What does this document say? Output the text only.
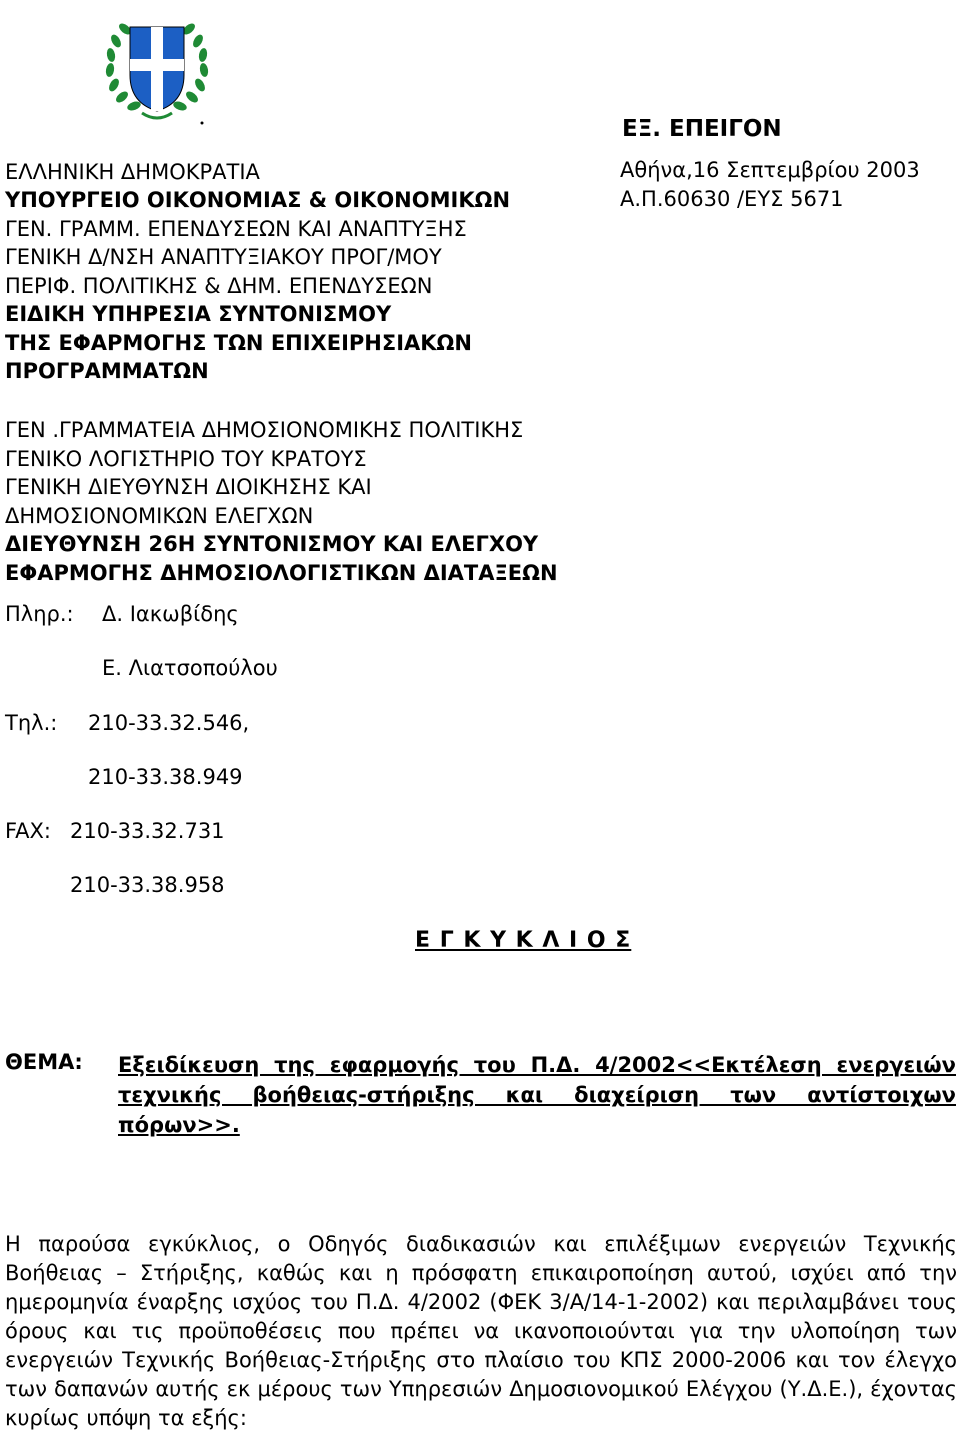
ΕΞ. ΕΠΕΙΓΟΝ
Αθήνα,16 Σεπτεμβρίου 2003
Α.Π.60630 /ΕΥΣ 5671
ΕΛΛΗΝΙΚΗ ΔΗΜΟΚΡΑΤΙΑ
ΥΠΟΥΡΓΕΙΟ ΟΙΚΟΝΟΜΙΑΣ & ΟΙΚΟΝΟΜΙΚΩΝ
ΓΕΝ. ΓΡΑΜΜ. ΕΠΕΝΔΥΣΕΩΝ ΚΑΙ ΑΝΑΠΤΥΞΗΣ
ΓΕΝΙΚΗ Δ/ΝΣΗ ΑΝΑΠΤΥΞΙΑΚΟΥ ΠΡΟΓ/ΜΟΥ
ΠΕΡΙΦ. ΠΟΛΙΤΙΚΗΣ & ΔΗΜ. ΕΠΕΝΔΥΣΕΩΝ
ΕΙΔΙΚΗ ΥΠΗΡΕΣΙΑ ΣΥΝΤΟΝΙΣΜΟΥ
ΤΗΣ ΕΦΑΡΜΟΓΗΣ ΤΩΝ ΕΠΙΧΕΙΡΗΣΙΑΚΩΝ
ΠΡΟΓΡΑΜΜΑΤΩΝ
ΓΕΝ .ΓΡΑΜΜΑΤΕΙΑ ΔΗΜΟΣΙΟΝΟΜΙΚΗΣ ΠΟΛΙΤΙΚΗΣ
ΓΕΝΙΚΟ ΛΟΓΙΣΤΗΡΙΟ ΤΟΥ ΚΡΑΤΟΥΣ
ΓΕΝΙΚΗ ΔΙΕΥΘΥΝΣΗ ΔΙΟΙΚΗΣΗΣ ΚΑΙ
ΔΗΜΟΣΙΟΝΟΜΙΚΩΝ ΕΛΕΓΧΩΝ
ΔΙΕΥΘΥΝΣΗ 26Η ΣΥΝΤΟΝΙΣΜΟΥ ΚΑΙ ΕΛΕΓΧΟΥ
ΕΦΑΡΜΟΓΗΣ ΔΗΜΟΣΙΟΛΟΓΙΣΤΙΚΩΝ ΔΙΑΤΑΞΕΩΝ
Πληρ.: Δ. Ιακωβίδης
Ε. Λιατσοπούλου
Τηλ.: 210-33.32.546,
210-33.38.949
FAX: 210-33.32.731
210-33.38.958
Ε Γ Κ Υ Κ Λ Ι Ο Σ
ΘΕΜΑ: Εξειδίκευση της εφαρμογής του Π.Δ. 4/2002<<Εκτέλεση ενεργειών τεχνικής βοήθειας-στήριξης και διαχείριση των αντίστοιχων πόρων>>.
Η παρούσα εγκύκλιος, ο Οδηγός διαδικασιών και επιλέξιμων ενεργειών Τεχνικής Βοήθειας – Στήριξης, καθώς και η πρόσφατη επικαιροποίηση αυτού, ισχύει από την ημερομηνία έναρξης ισχύος του Π.Δ. 4/2002 (ΦΕΚ 3/Α/14-1-2002) και περιλαμβάνει τους όρους και τις προϋποθέσεις που πρέπει να ικανοποιούνται για την υλοποίηση των ενεργειών Τεχνικής Βοήθειας-Στήριξης στο πλαίσιο του ΚΠΣ 2000-2006 και τον έλεγχο των δαπανών αυτής εκ μέρους των Υπηρεσιών Δημοσιονομικού Ελέγχου (Υ.Δ.Ε.), έχοντας κυρίως υπόψη τα εξής:
